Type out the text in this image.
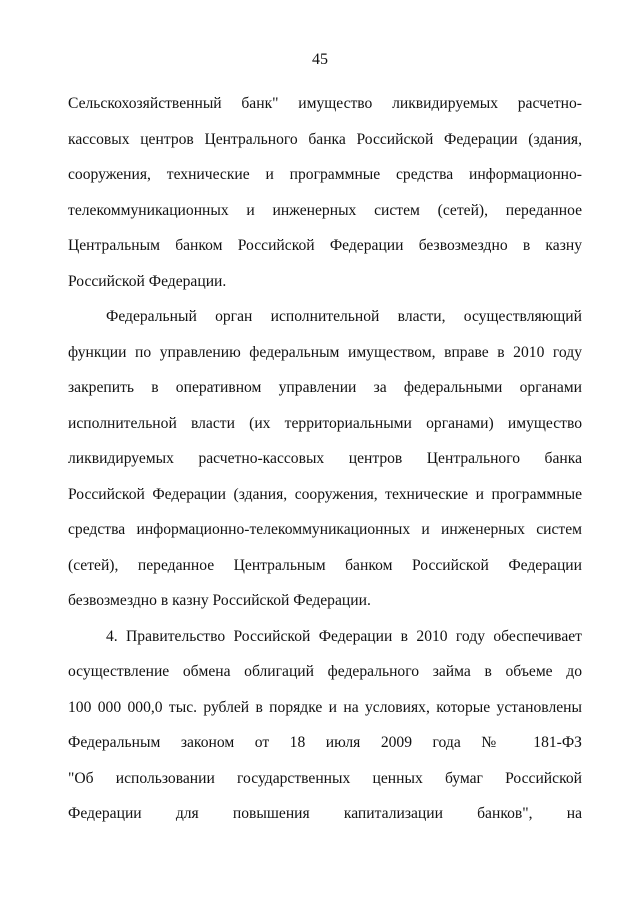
45
Сельскохозяйственный банк" имущество ликвидируемых расчетно-
кассовых центров Центрального банка Российской Федерации (здания,
сооружения, технические и программные средства информационно-
телекоммуникационных и инженерных систем (сетей), переданное
Центральным банком Российской Федерации безвозмездно в казну
Российской Федерации.
Федеральный орган исполнительной власти, осуществляющий
функции по управлению федеральным имуществом, вправе в 2010 году
закрепить в оперативном управлении за федеральными органами
исполнительной власти (их территориальными органами) имущество
ликвидируемых расчетно-кассовых центров Центрального банка
Российской Федерации (здания, сооружения, технические и программные
средства информационно-телекоммуникационных и инженерных систем
(сетей), переданное Центральным банком Российской Федерации
безвозмездно в казну Российской Федерации.
4. Правительство Российской Федерации в 2010 году обеспечивает
осуществление обмена облигаций федерального займа в объеме до
100 000 000,0 тыс. рублей в порядке и на условиях, которые установлены
Федеральным законом от 18 июля 2009 года № 181-ФЗ
"Об использовании государственных ценных бумаг Российской
Федерации для повышения капитализации банков", на
